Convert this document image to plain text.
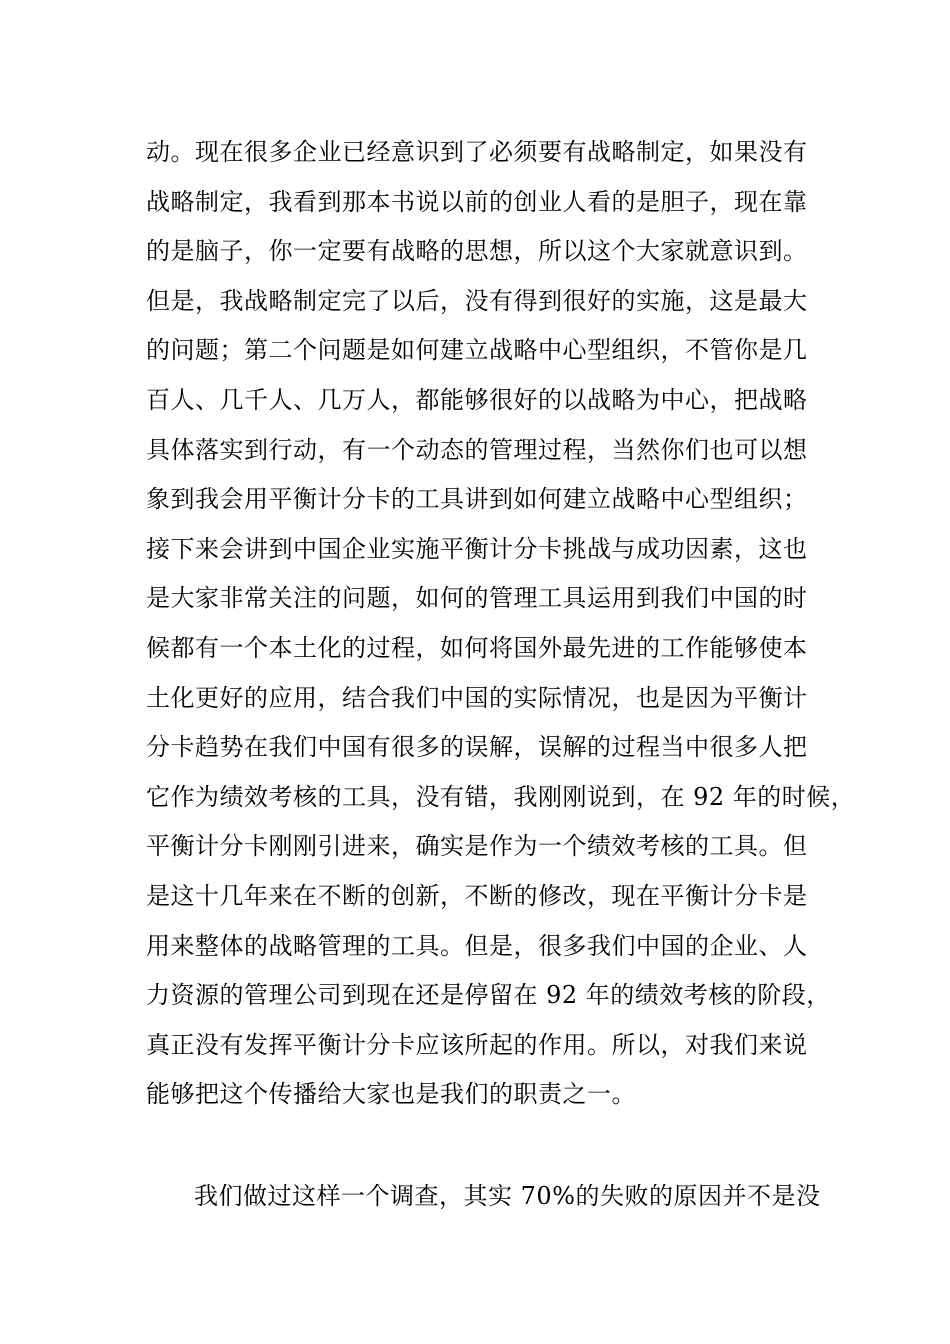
动。现在很多企业已经意识到了必须要有战略制定，如果没有
战略制定，我看到那本书说以前的创业人看的是胆子，现在靠
的是脑子，你一定要有战略的思想，所以这个大家就意识到。
但是，我战略制定完了以后，没有得到很好的实施，这是最大
的问题；第二个问题是如何建立战略中心型组织，不管你是几
百人、几千人、几万人，都能够很好的以战略为中心，把战略
具体落实到行动，有一个动态的管理过程，当然你们也可以想
象到我会用平衡计分卡的工具讲到如何建立战略中心型组织；
接下来会讲到中国企业实施平衡计分卡挑战与成功因素，这也
是大家非常关注的问题，如何的管理工具运用到我们中国的时
候都有一个本土化的过程，如何将国外最先进的工作能够使本
土化更好的应用，结合我们中国的实际情况，也是因为平衡计
分卡趋势在我们中国有很多的误解，误解的过程当中很多人把
它作为绩效考核的工具，没有错，我刚刚说到，在 92 年的时候，
平衡计分卡刚刚引进来，确实是作为一个绩效考核的工具。但
是这十几年来在不断的创新，不断的修改，现在平衡计分卡是
用来整体的战略管理的工具。但是，很多我们中国的企业、人
力资源的管理公司到现在还是停留在 92 年的绩效考核的阶段，
真正没有发挥平衡计分卡应该所起的作用。所以，对我们来说
能够把这个传播给大家也是我们的职责之一。
我们做过这样一个调查，其实 70%的失败的原因并不是没
